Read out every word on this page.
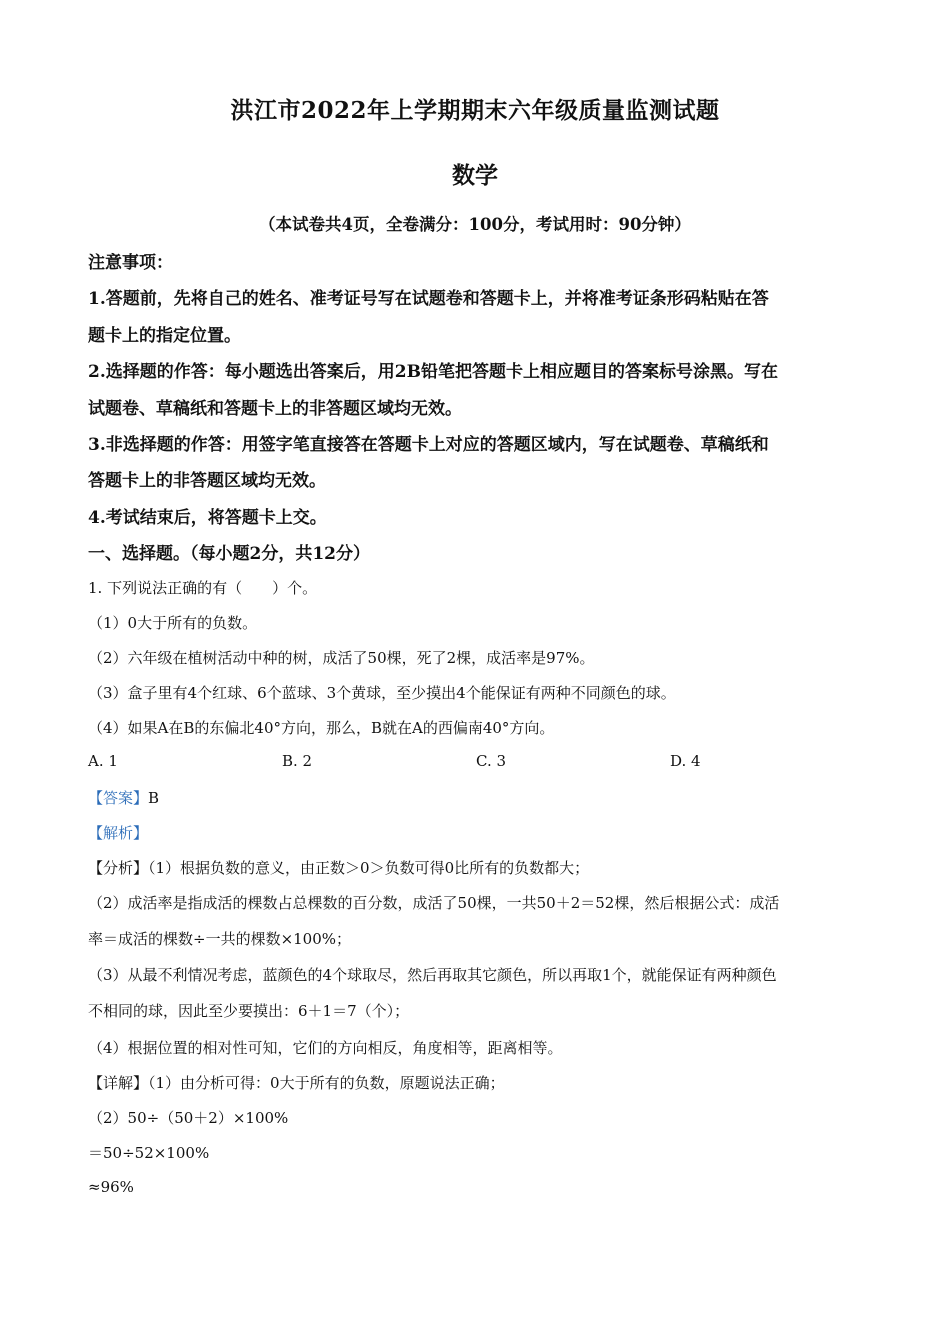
洪江市2022年上学期期末六年级质量监测试题
数学
（本试卷共4页，全卷满分：100分，考试用时：90分钟）
注意事项：
1.答题前，先将自己的姓名、准考证号写在试题卷和答题卡上，并将准考证条形码粘贴在答
题卡上的指定位置。
2.选择题的作答：每小题选出答案后，用2B铅笔把答题卡上相应题目的答案标号涂黑。写在
试题卷、草稿纸和答题卡上的非答题区域均无效。
3.非选择题的作答：用签字笔直接答在答题卡上对应的答题区域内，写在试题卷、草稿纸和
答题卡上的非答题区域均无效。
4.考试结束后，将答题卡上交。
一、选择题。（每小题2分，共12分）
1. 下列说法正确的有（　　）个。
（1）0大于所有的负数。
（2）六年级在植树活动中种的树，成活了50棵，死了2棵，成活率是97%。
（3）盒子里有4个红球、6个蓝球、3个黄球，至少摸出4个能保证有两种不同颜色的球。
（4）如果A在B的东偏北40°方向，那么，B就在A的西偏南40°方向。
A. 1	B. 2	C. 3	D. 4
【答案】B
【解析】
【分析】（1）根据负数的意义，由正数＞0＞负数可得0比所有的负数都大；
（2）成活率是指成活的棵数占总棵数的百分数，成活了50棵，一共50＋2＝52棵，然后根据公式：成活
率＝成活的棵数÷一共的棵数×100%；
（3）从最不利情况考虑，蓝颜色的4个球取尽，然后再取其它颜色，所以再取1个，就能保证有两种颜色
不相同的球，因此至少要摸出：6＋1＝7（个）；
（4）根据位置的相对性可知，它们的方向相反，角度相等，距离相等。
【详解】（1）由分析可得：0大于所有的负数，原题说法正确；
（2）50÷（50＋2）×100%
＝50÷52×100%
≈96%
